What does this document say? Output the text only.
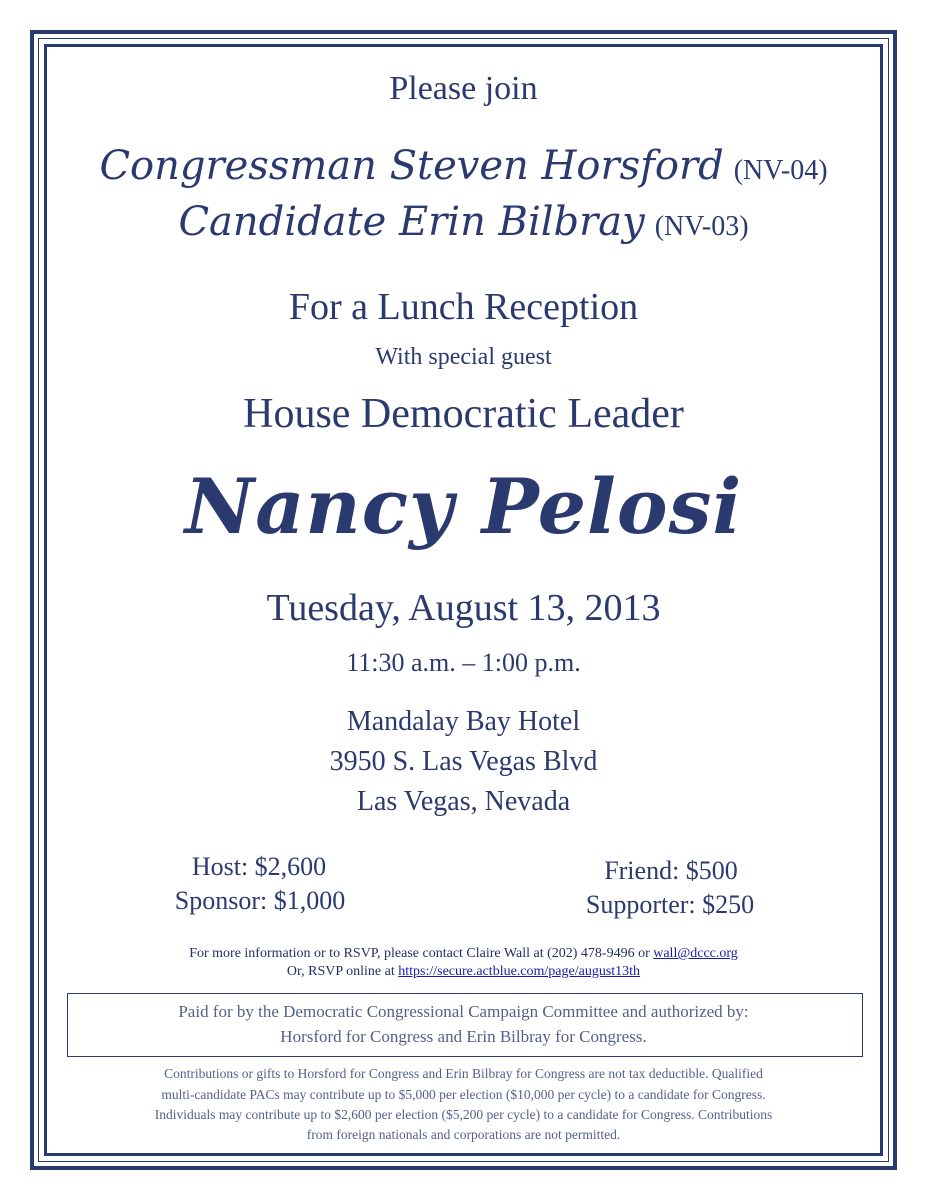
Please join
Congressman Steven Horsford (NV-04)
Candidate Erin Bilbray (NV-03)
For a Lunch Reception
With special guest
House Democratic Leader
Nancy Pelosi
Tuesday, August 13, 2013
11:30 a.m. – 1:00 p.m.
Mandalay Bay Hotel
3950 S. Las Vegas Blvd
Las Vegas, Nevada
Host: $2,600
Sponsor: $1,000
Friend: $500
Supporter: $250
For more information or to RSVP, please contact Claire Wall at (202) 478-9496 or wall@dccc.org
Or, RSVP online at https://secure.actblue.com/page/august13th
Paid for by the Democratic Congressional Campaign Committee and authorized by:
Horsford for Congress and Erin Bilbray for Congress.
Contributions or gifts to Horsford for Congress and Erin Bilbray for Congress are not tax deductible. Qualified
multi-candidate PACs may contribute up to $5,000 per election ($10,000 per cycle) to a candidate for Congress.
Individuals may contribute up to $2,600 per election ($5,200 per cycle) to a candidate for Congress. Contributions
from foreign nationals and corporations are not permitted.
